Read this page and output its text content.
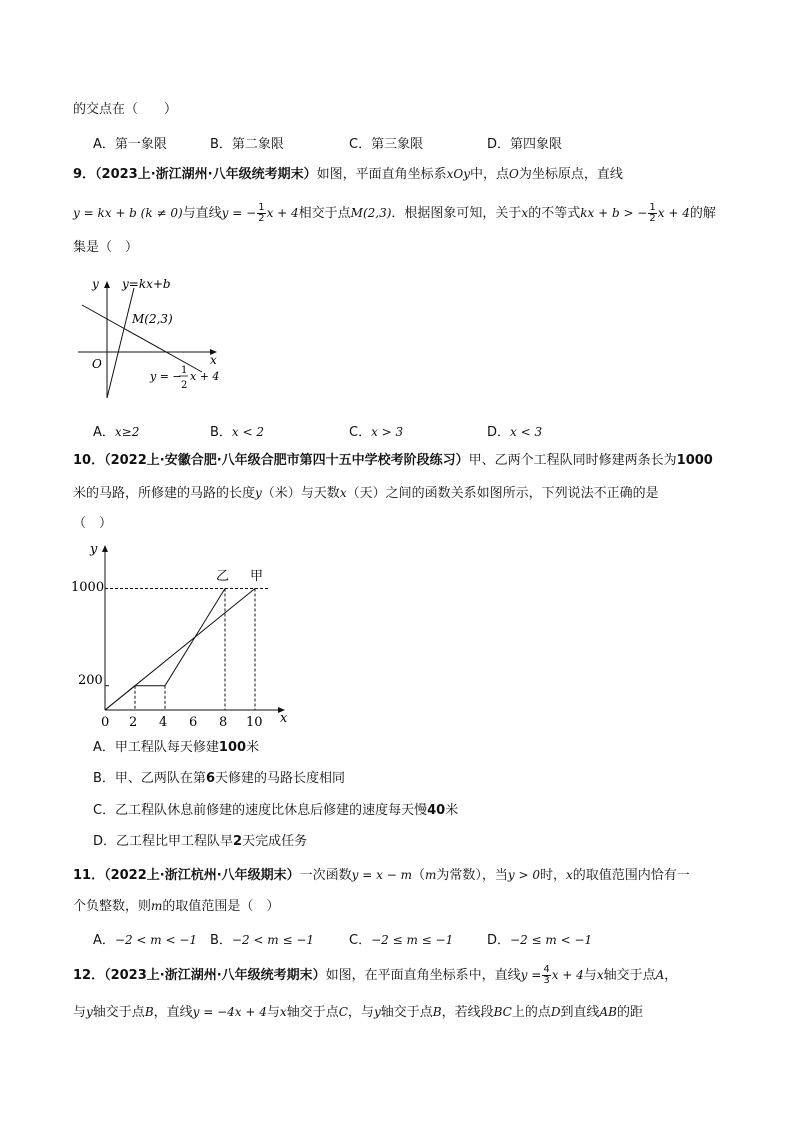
的交点在（　　）
A．第一象限	B．第二象限	C．第三象限	D．第四象限
9．（2023上·浙江湖州·八年级统考期末）如图，平面直角坐标系xOy中，点O为坐标原点，直线
y = kx + b (k ≠ 0)与直线y = − $\frac{1}{2}$ x + 4相交于点M(2,3)．根据图象可知，关于x的不等式kx + b > − $\frac{1}{2}$ x + 4的解
集是（　）
y y=kx+b
M(2,3)
O	x
y = − 1
2
x + 4
A．x≥2	B．x < 2	C．x > 3	D．x < 3
10．（2022上·安徽合肥·八年级合肥市第四十五中学校考阶段练习）甲、乙两个工程队同时修建两条长为1000
米的马路，所修建的马路的长度y（米）与天数x（天）之间的函数关系如图所示，下列说法不正确的是
（　）
y
x
1000
200
0 2 4 6 8 10
乙 甲
A．甲工程队每天修建100米
B．甲、乙两队在第6天修建的马路长度相同
C．乙工程队休息前修建的速度比休息后修建的速度每天慢40米
D．乙工程比甲工程队早2天完成任务
11．（2022上·浙江杭州·八年级期末）一次函数y = x − m（m为常数），当y > 0时，x的取值范围内恰有一
个负整数，则m的取值范围是（　）
A．−2 < m < −1 B．−2 < m ≤ −1	C．−2 ≤ m ≤ −1	D．−2 ≤ m < −1
12．（2023上·浙江湖州·八年级统考期末）如图，在平面直角坐标系中，直线$y = \frac{4}{3}$ x + 4与x轴交于点A，
与y轴交于点B，直线y = −4x + 4与x轴交于点C，与y轴交于点B，若线段BC上的点D到直线AB的距
